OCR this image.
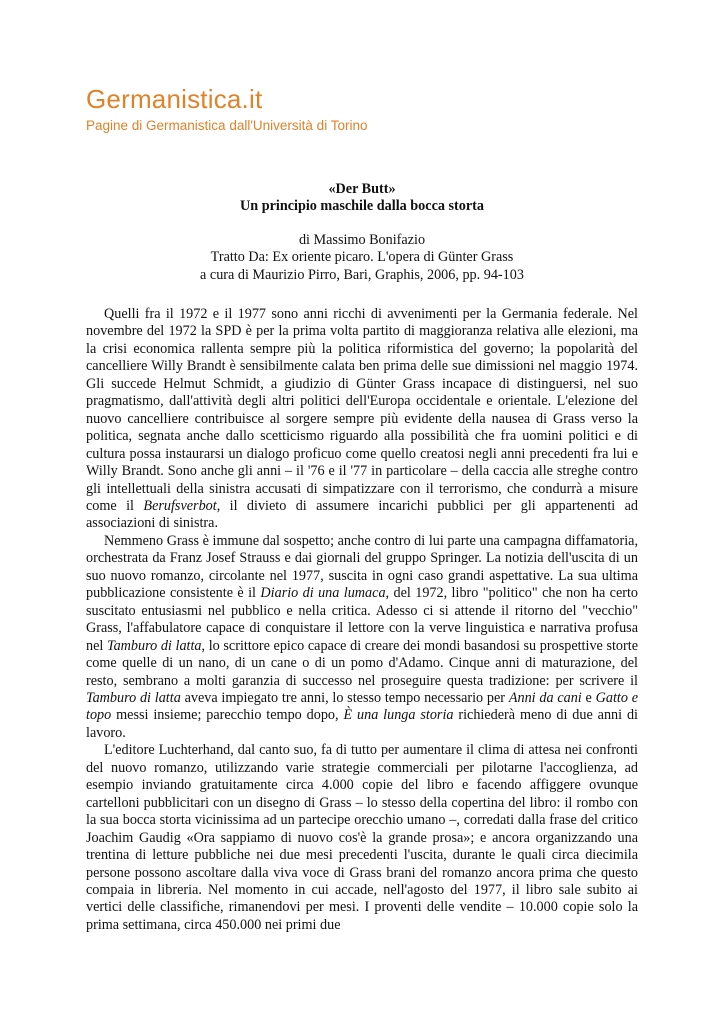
Germanistica.it
Pagine di Germanistica dall'Università di Torino
«Der Butt»
Un principio maschile dalla bocca storta
di Massimo Bonifazio
Tratto Da: Ex oriente picaro. L'opera di Günter Grass
a cura di Maurizio Pirro, Bari, Graphis, 2006, pp. 94-103

Quelli fra il 1972 e il 1977 sono anni ricchi di avvenimenti per la Germania federale. Nel novembre del 1972 la SPD è per la prima volta partito di maggioranza relativa alle elezioni, ma la crisi economica rallenta sempre più la politica riformistica del governo; la popolarità del cancelliere Willy Brandt è sensibilmente calata ben prima delle sue dimissioni nel maggio 1974. Gli succede Helmut Schmidt, a giudizio di Günter Grass incapace di distinguersi, nel suo pragmatismo, dall'attività degli altri politici dell'Europa occidentale e orientale. L'elezione del nuovo cancelliere contribuisce al sorgere sempre più evidente della nausea di Grass verso la politica, segnata anche dallo scetticismo riguardo alla possibilità che fra uomini politici e di cultura possa instaurarsi un dialogo proficuo come quello creatosi negli anni precedenti fra lui e Willy Brandt. Sono anche gli anni – il '76 e il '77 in particolare – della caccia alle streghe contro gli intellettuali della sinistra accusati di simpatizzare con il terrorismo, che condurrà a misure come il Berufsverbot, il divieto di assumere incarichi pubblici per gli appartenenti ad associazioni di sinistra.

Nemmeno Grass è immune dal sospetto; anche contro di lui parte una campagna diffamatoria, orchestrata da Franz Josef Strauss e dai giornali del gruppo Springer. La notizia dell'uscita di un suo nuovo romanzo, circolante nel 1977, suscita in ogni caso grandi aspettative. La sua ultima pubblicazione consistente è il Diario di una lumaca, del 1972, libro "politico" che non ha certo suscitato entusiasmi nel pubblico e nella critica. Adesso ci si attende il ritorno del "vecchio" Grass, l'affabulatore capace di conquistare il lettore con la verve linguistica e narrativa profusa nel Tamburo di latta, lo scrittore epico capace di creare dei mondi basandosi su prospettive storte come quelle di un nano, di un cane o di un pomo d'Adamo. Cinque anni di maturazione, del resto, sembrano a molti garanzia di successo nel proseguire questa tradizione: per scrivere il Tamburo di latta aveva impiegato tre anni, lo stesso tempo necessario per Anni da cani e Gatto e topo messi insieme; parecchio tempo dopo, È una lunga storia richiederà meno di due anni di lavoro.

L'editore Luchterhand, dal canto suo, fa di tutto per aumentare il clima di attesa nei confronti del nuovo romanzo, utilizzando varie strategie commerciali per pilotarne l'accoglienza, ad esempio inviando gratuitamente circa 4.000 copie del libro e facendo affiggere ovunque cartelloni pubblicitari con un disegno di Grass – lo stesso della copertina del libro: il rombo con la sua bocca storta vicinissima ad un partecipe orecchio umano –, corredati dalla frase del critico Joachim Gaudig «Ora sappiamo di nuovo cos'è la grande prosa»; e ancora organizzando una trentina di letture pubbliche nei due mesi precedenti l'uscita, durante le quali circa diecimila persone possono ascoltare dalla viva voce di Grass brani del romanzo ancora prima che questo compaia in libreria. Nel momento in cui accade, nell'agosto del 1977, il libro sale subito ai vertici delle classifiche, rimanendovi per mesi. I proventi delle vendite – 10.000 copie solo la prima settimana, circa 450.000 nei primi due
